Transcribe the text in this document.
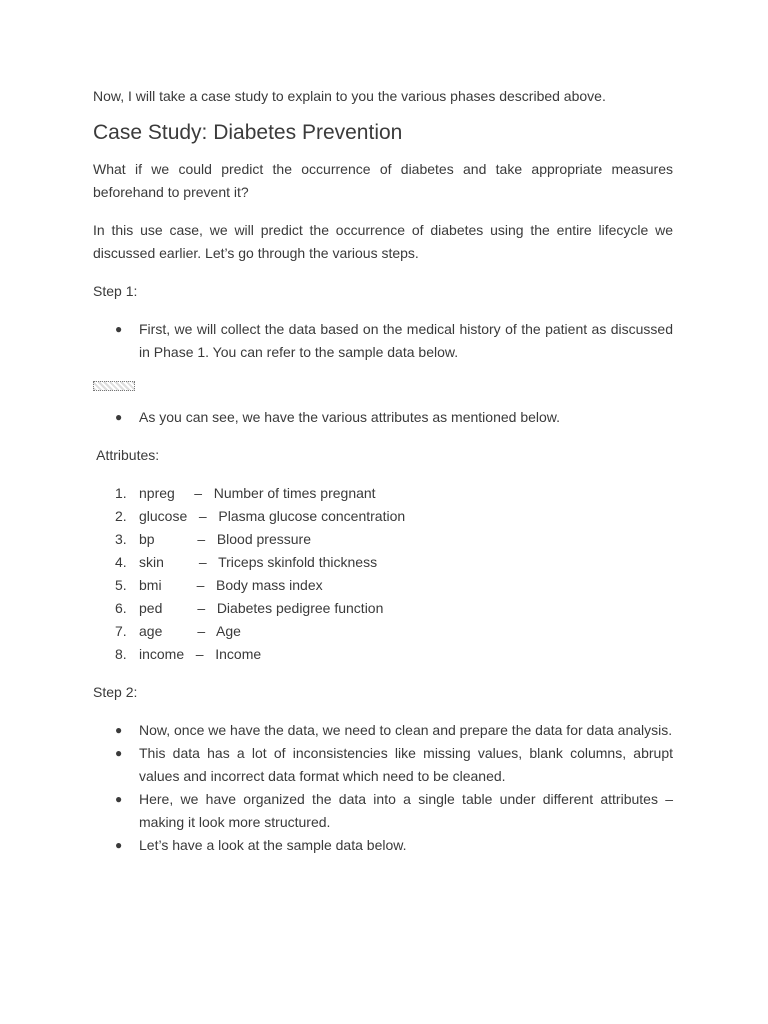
Now, I will take a case study to explain to you the various phases described above.

Case Study: Diabetes Prevention

What if we could predict the occurrence of diabetes and take appropriate measures beforehand to prevent it?

In this use case, we will predict the occurrence of diabetes using the entire lifecycle we discussed earlier. Let’s go through the various steps.

Step 1:

● First, we will collect the data based on the medical history of the patient as discussed in Phase 1. You can refer to the sample data below.
● As you can see, we have the various attributes as mentioned below.

Attributes:

1. npreg     –   Number of times pregnant
2. glucose   –   Plasma glucose concentration
3. bp           –   Blood pressure
4. skin         –   Triceps skinfold thickness
5. bmi         –   Body mass index
6. ped         –   Diabetes pedigree function
7. age         –   Age
8. income   –   Income

Step 2:

● Now, once we have the data, we need to clean and prepare the data for data analysis.
● This data has a lot of inconsistencies like missing values, blank columns, abrupt values and incorrect data format which need to be cleaned.
● Here, we have organized the data into a single table under different attributes – making it look more structured.
● Let’s have a look at the sample data below.
